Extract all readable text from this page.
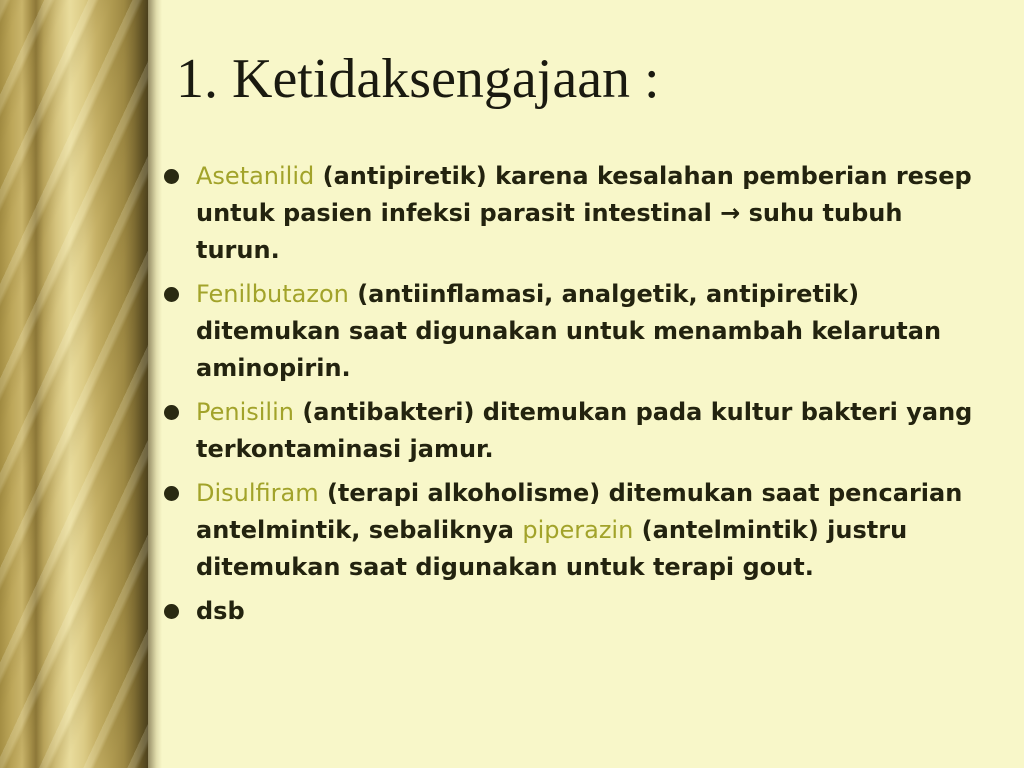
1. Ketidaksengajaan :
Asetanilid (antipiretik) karena kesalahan pemberian resep untuk pasien infeksi parasit intestinal → suhu tubuh turun.
Fenilbutazon (antiinflamasi, analgetik, antipiretik) ditemukan saat digunakan untuk menambah kelarutan aminopirin.
Penisilin (antibakteri) ditemukan pada kultur bakteri yang terkontaminasi jamur.
Disulfiram (terapi alkoholisme) ditemukan saat pencarian antelmintik, sebaliknya piperazin (antelmintik) justru ditemukan saat digunakan untuk terapi gout.
dsb
